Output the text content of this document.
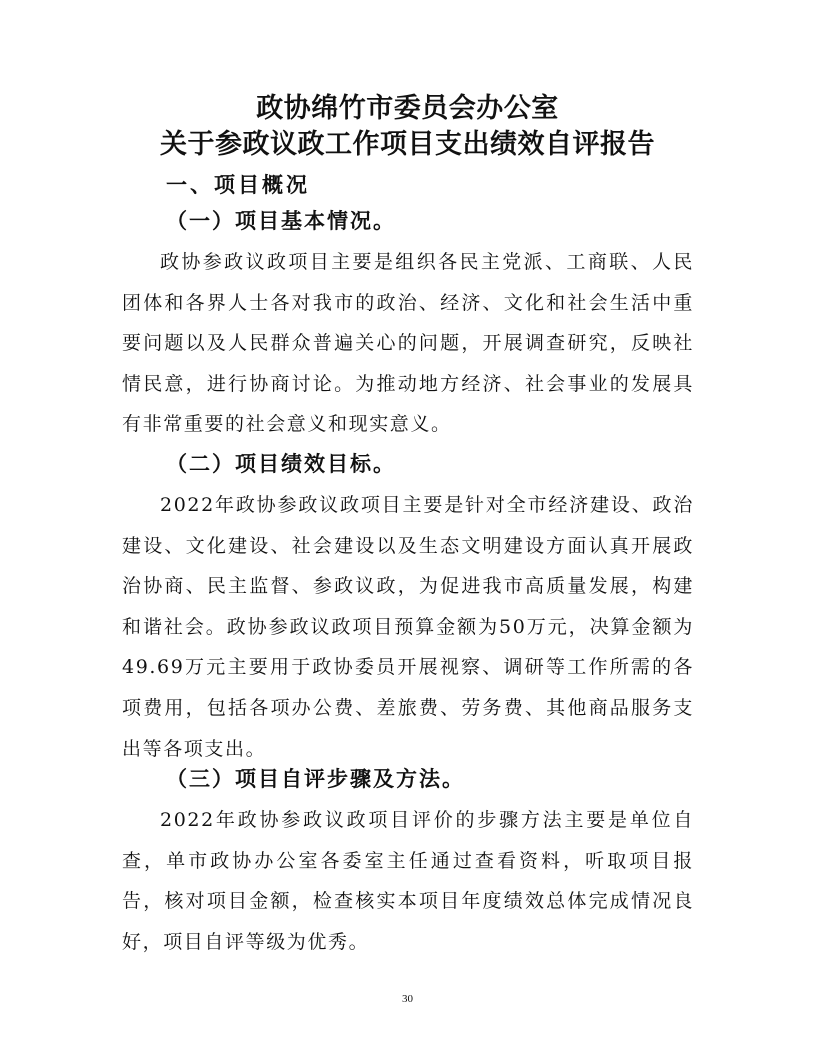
政协绵竹市委员会办公室
关于参政议政工作项目支出绩效自评报告
一、项目概况
（一）项目基本情况。

政协参政议政项目主要是组织各民主党派、工商联、人民团体和各界人士各对我市的政治、经济、文化和社会生活中重要问题以及人民群众普遍关心的问题，开展调查研究，反映社情民意，进行协商讨论。为推动地方经济、社会事业的发展具有非常重要的社会意义和现实意义。

（二）项目绩效目标。

2022年政协参政议政项目主要是针对全市经济建设、政治建设、文化建设、社会建设以及生态文明建设方面认真开展政治协商、民主监督、参政议政，为促进我市高质量发展，构建和谐社会。政协参政议政项目预算金额为50万元，决算金额为49.69万元主要用于政协委员开展视察、调研等工作所需的各项费用，包括各项办公费、差旅费、劳务费、其他商品服务支出等各项支出。

（三）项目自评步骤及方法。

2022年政协参政议政项目评价的步骤方法主要是单位自查，单市政协办公室各委室主任通过查看资料，听取项目报告，核对项目金额，检查核实本项目年度绩效总体完成情况良好，项目自评等级为优秀。

30
